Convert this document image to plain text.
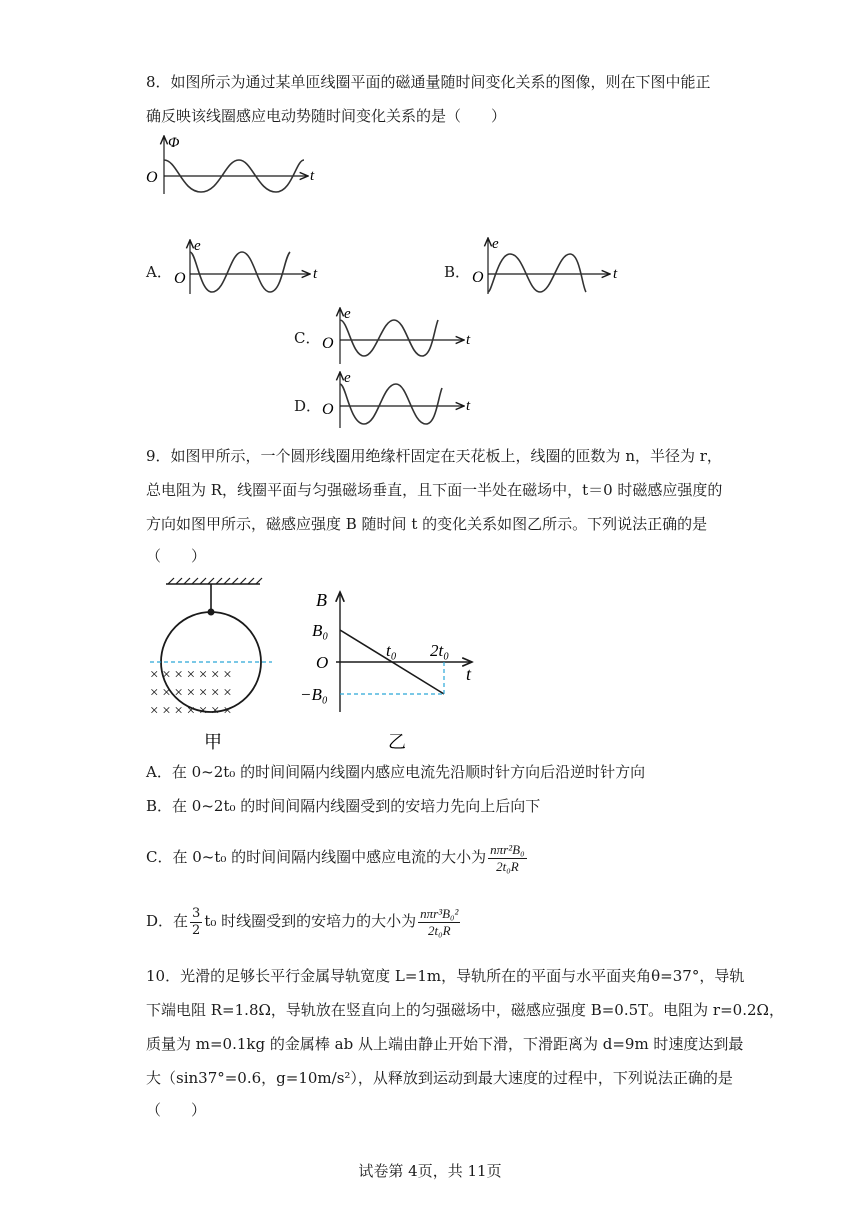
8．如图所示为通过某单匝线圈平面的磁通量随时间变化关系的图像，则在下图中能正
确反映该线圈感应电动势随时间变化关系的是（　　）
Φ
O	t
A．
e
O	t	B．
e
O	t
C．
e
O	t
D．
e
O	t
9．如图甲所示，一个圆形线圈用绝缘杆固定在天花板上，线圈的匝数为 n，半径为 r，
总电阻为 R，线圈平面与匀强磁场垂直，且下面一半处在磁场中，t＝0 时磁感应强度的
方向如图甲所示，磁感应强度 B 随时间 t 的变化关系如图乙所示。下列说法正确的是
（　　）
× × × × × × ×
× × × × × × ×
× × × × × × ×
甲
B
B₀
O
−B₀
t₀ 2t₀
t
乙
A．在 0~2t₀ 的时间间隔内线圈内感应电流先沿顺时针方向后沿逆时针方向
B．在 0~2t₀ 的时间间隔内线圈受到的安培力先向上后向下
C．在 0~t₀ 的时间间隔内线圈中感应电流的大小为 $\frac{\text{nπr²B₀}}{\text{2t₀R}}$
D．在 $\frac{3}{2} t_0$ 时线圈受到的安培力的大小为 $\frac{\text{nπr³B₀²}}{\text{2t₀R}}$
10．光滑的足够长平行金属导轨宽度 L=1m，导轨所在的平面与水平面夹角θ=37°，导轨
下端电阻 R=1.8Ω，导轨放在竖直向上的匀强磁场中，磁感应强度 B=0.5T。电阻为 r=0.2Ω，
质量为 m=0.1kg 的金属棒 ab 从上端由静止开始下滑，下滑距离为 d=9m 时速度达到最
大（sin37°=0.6，g=10m/s²），从释放到运动到最大速度的过程中，下列说法正确的是
（　　）
试卷第 4页，共 11页
